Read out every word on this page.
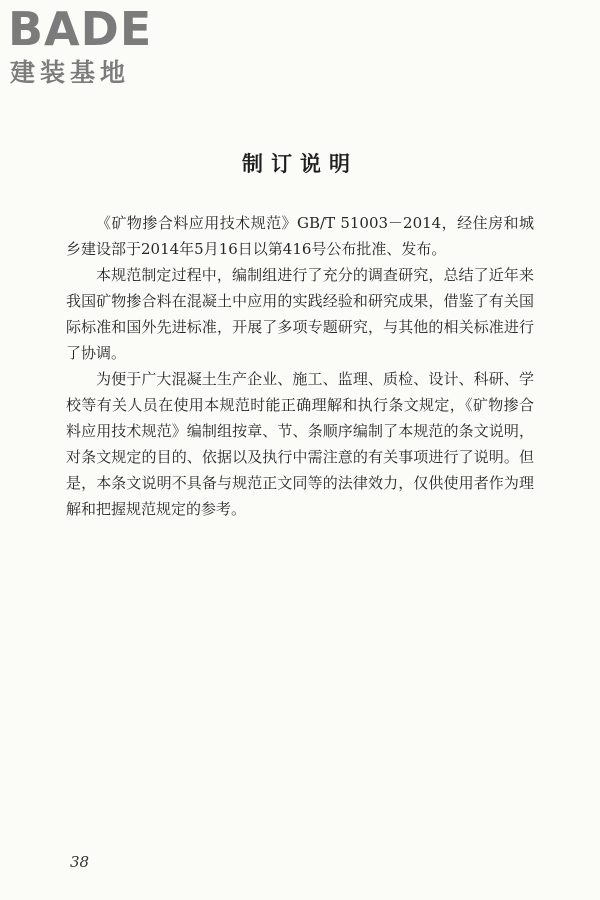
BADE
建装基地
制订说明

《矿物掺合料应用技术规范》GB/T 51003－2014，经住房和城乡建设部于2014年5月16日以第416号公布批准、发布。

本规范制定过程中，编制组进行了充分的调查研究，总结了近年来我国矿物掺合料在混凝土中应用的实践经验和研究成果，借鉴了有关国际标准和国外先进标准，开展了多项专题研究，与其他的相关标准进行了协调。

为便于广大混凝土生产企业、施工、监理、质检、设计、科研、学校等有关人员在使用本规范时能正确理解和执行条文规定，《矿物掺合料应用技术规范》编制组按章、节、条顺序编制了本规范的条文说明，对条文规定的目的、依据以及执行中需注意的有关事项进行了说明。但是，本条文说明不具备与规范正文同等的法律效力，仅供使用者作为理解和把握规范规定的参考。

38
